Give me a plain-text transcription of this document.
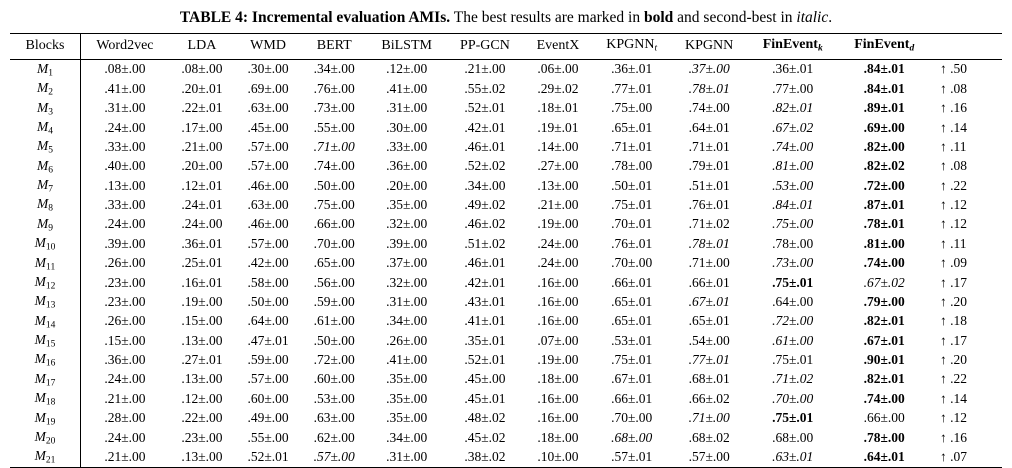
TABLE 4: Incremental evaluation AMIs. The best results are marked in bold and second-best in italic.
Blocks	Word2vec	LDA	WMD	BERT	BiLSTM	PP-GCN	EventX	$KPGNN_t$	KPGNN	FinEvent$_k$	FinEvent$_d$	
$M_1$	.08±.00	.08±.00	.30±.00	.34±.00	.12±.00	.21±.00	.06±.00	.36±.01	.37±.00	.36±.01	.84±.01	↑ .50
$M_2$	.41±.00	.20±.01	.69±.00	.76±.00	.41±.00	.55±.02	.29±.02	.77±.01	.78±.01	.77±.00	.84±.01	↑ .08
$M_3$	.31±.00	.22±.01	.63±.00	.73±.00	.31±.00	.52±.01	.18±.01	.75±.00	.74±.00	.82±.01	.89±.01	↑ .16
$M_4$	.24±.00	.17±.00	.45±.00	.55±.00	.30±.00	.42±.01	.19±.01	.65±.01	.64±.01	.67±.02	.69±.00	↑ .14
$M_5$	.33±.00	.21±.00	.57±.00	.71±.00	.33±.00	.46±.01	.14±.00	.71±.01	.71±.01	.74±.00	.82±.00	↑ .11
$M_6$	.40±.00	.20±.00	.57±.00	.74±.00	.36±.00	.52±.02	.27±.00	.78±.00	.79±.01	.81±.00	.82±.02	↑ .08
$M_7$	.13±.00	.12±.01	.46±.00	.50±.00	.20±.00	.34±.00	.13±.00	.50±.01	.51±.01	.53±.00	.72±.00	↑ .22
$M_8$	.33±.00	.24±.01	.63±.00	.75±.00	.35±.00	.49±.02	.21±.00	.75±.01	.76±.01	.84±.01	.87±.01	↑ .12
$M_9$	.24±.00	.24±.00	.46±.00	.66±.00	.32±.00	.46±.02	.19±.00	.70±.01	.71±.02	.75±.00	.78±.01	↑ .12
$M_{10}$	.39±.00	.36±.01	.57±.00	.70±.00	.39±.00	.51±.02	.24±.00	.76±.01	.78±.01	.78±.00	.81±.00	↑ .11
$M_{11}$	.26±.00	.25±.01	.42±.00	.65±.00	.37±.00	.46±.01	.24±.00	.70±.00	.71±.00	.73±.00	.74±.00	↑ .09
$M_{12}$	.23±.00	.16±.01	.58±.00	.56±.00	.32±.00	.42±.01	.16±.00	.66±.01	.66±.01	.75±.01	.67±.02	↑ .17
$M_{13}$	.23±.00	.19±.00	.50±.00	.59±.00	.31±.00	.43±.01	.16±.00	.65±.01	.67±.01	.64±.00	.79±.00	↑ .20
$M_{14}$	.26±.00	.15±.00	.64±.00	.61±.00	.34±.00	.41±.01	.16±.00	.65±.01	.65±.01	.72±.00	.82±.01	↑ .18
$M_{15}$	.15±.00	.13±.00	.47±.01	.50±.00	.26±.00	.35±.01	.07±.00	.53±.01	.54±.00	.61±.00	.67±.01	↑ .17
$M_{16}$	.36±.00	.27±.01	.59±.00	.72±.00	.41±.00	.52±.01	.19±.00	.75±.01	.77±.01	.75±.01	.90±.01	↑ .20
$M_{17}$	.24±.00	.13±.00	.57±.00	.60±.00	.35±.00	.45±.00	.18±.00	.67±.01	.68±.01	.71±.02	.82±.01	↑ .22
$M_{18}$	.21±.00	.12±.00	.60±.00	.53±.00	.35±.00	.45±.01	.16±.00	.66±.01	.66±.02	.70±.00	.74±.00	↑ .14
$M_{19}$	.28±.00	.22±.00	.49±.00	.63±.00	.35±.00	.48±.02	.16±.00	.70±.00	.71±.00	.75±.01	.66±.00	↑ .12
$M_{20}$	.24±.00	.23±.00	.55±.00	.62±.00	.34±.00	.45±.02	.18±.00	.68±.00	.68±.02	.68±.00	.78±.00	↑ .16
$M_{21}$	.21±.00	.13±.00	.52±.01	.57±.00	.31±.00	.38±.02	.10±.00	.57±.01	.57±.00	.63±.01	.64±.01	↑ .07
